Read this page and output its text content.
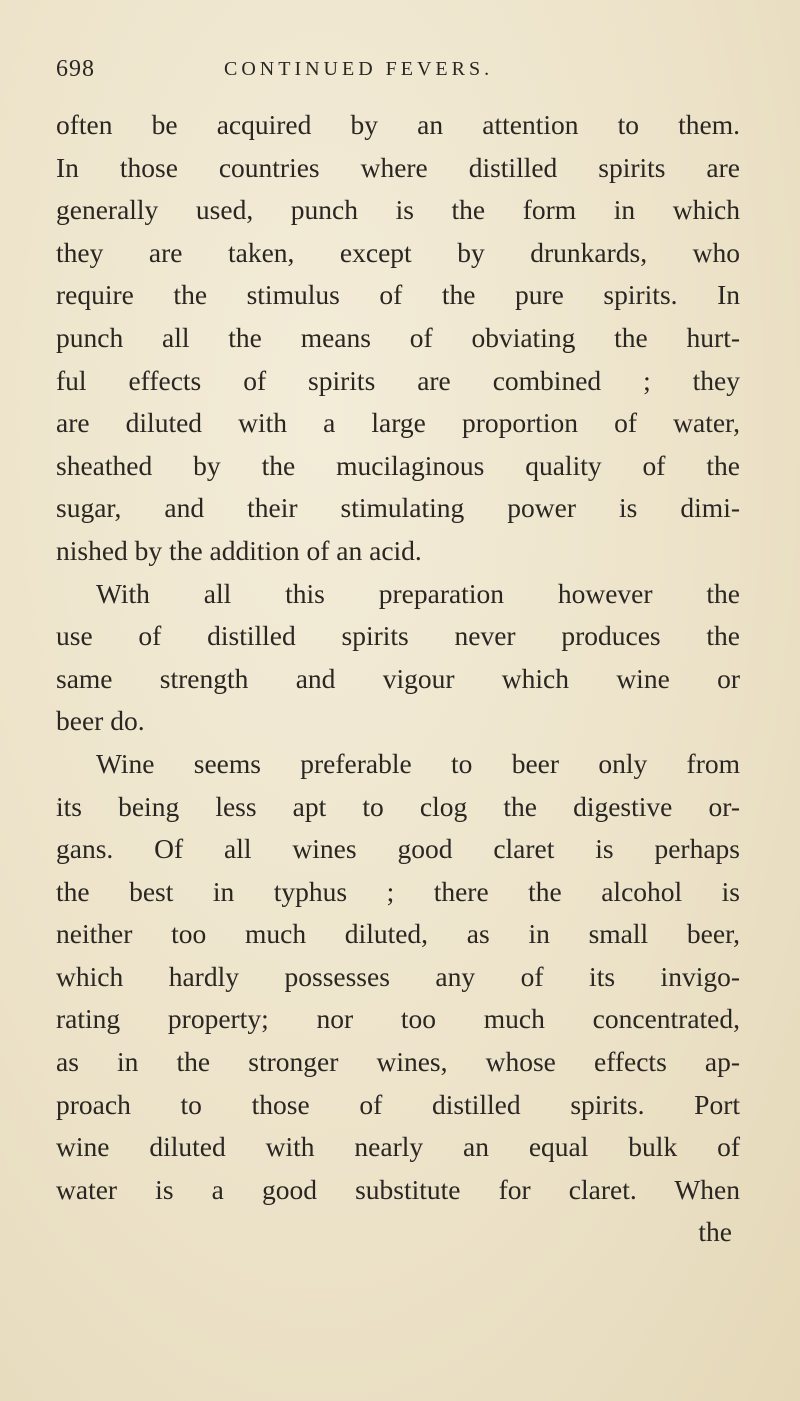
698	CONTINUED FEVERS.
often be acquired by an attention to them.
In those countries where distilled spirits are
generally used, punch is the form in which
they are taken, except by drunkards, who
require the stimulus of the pure spirits. In
punch all the means of obviating the hurt-
ful effects of spirits are combined ; they
are diluted with a large proportion of water,
sheathed by the mucilaginous quality of the
sugar, and their stimulating power is dimi-
nished by the addition of an acid.
With all this preparation however the
use of distilled spirits never produces the
same strength and vigour which wine or
beer do.
Wine seems preferable to beer only from
its being less apt to clog the digestive or-
gans. Of all wines good claret is perhaps
the best in typhus ; there the alcohol is
neither too much diluted, as in small beer,
which hardly possesses any of its invigo-
rating property; nor too much concentrated,
as in the stronger wines, whose effects ap-
proach to those of distilled spirits. Port
wine diluted with nearly an equal bulk of
water is a good substitute for claret. When
the
